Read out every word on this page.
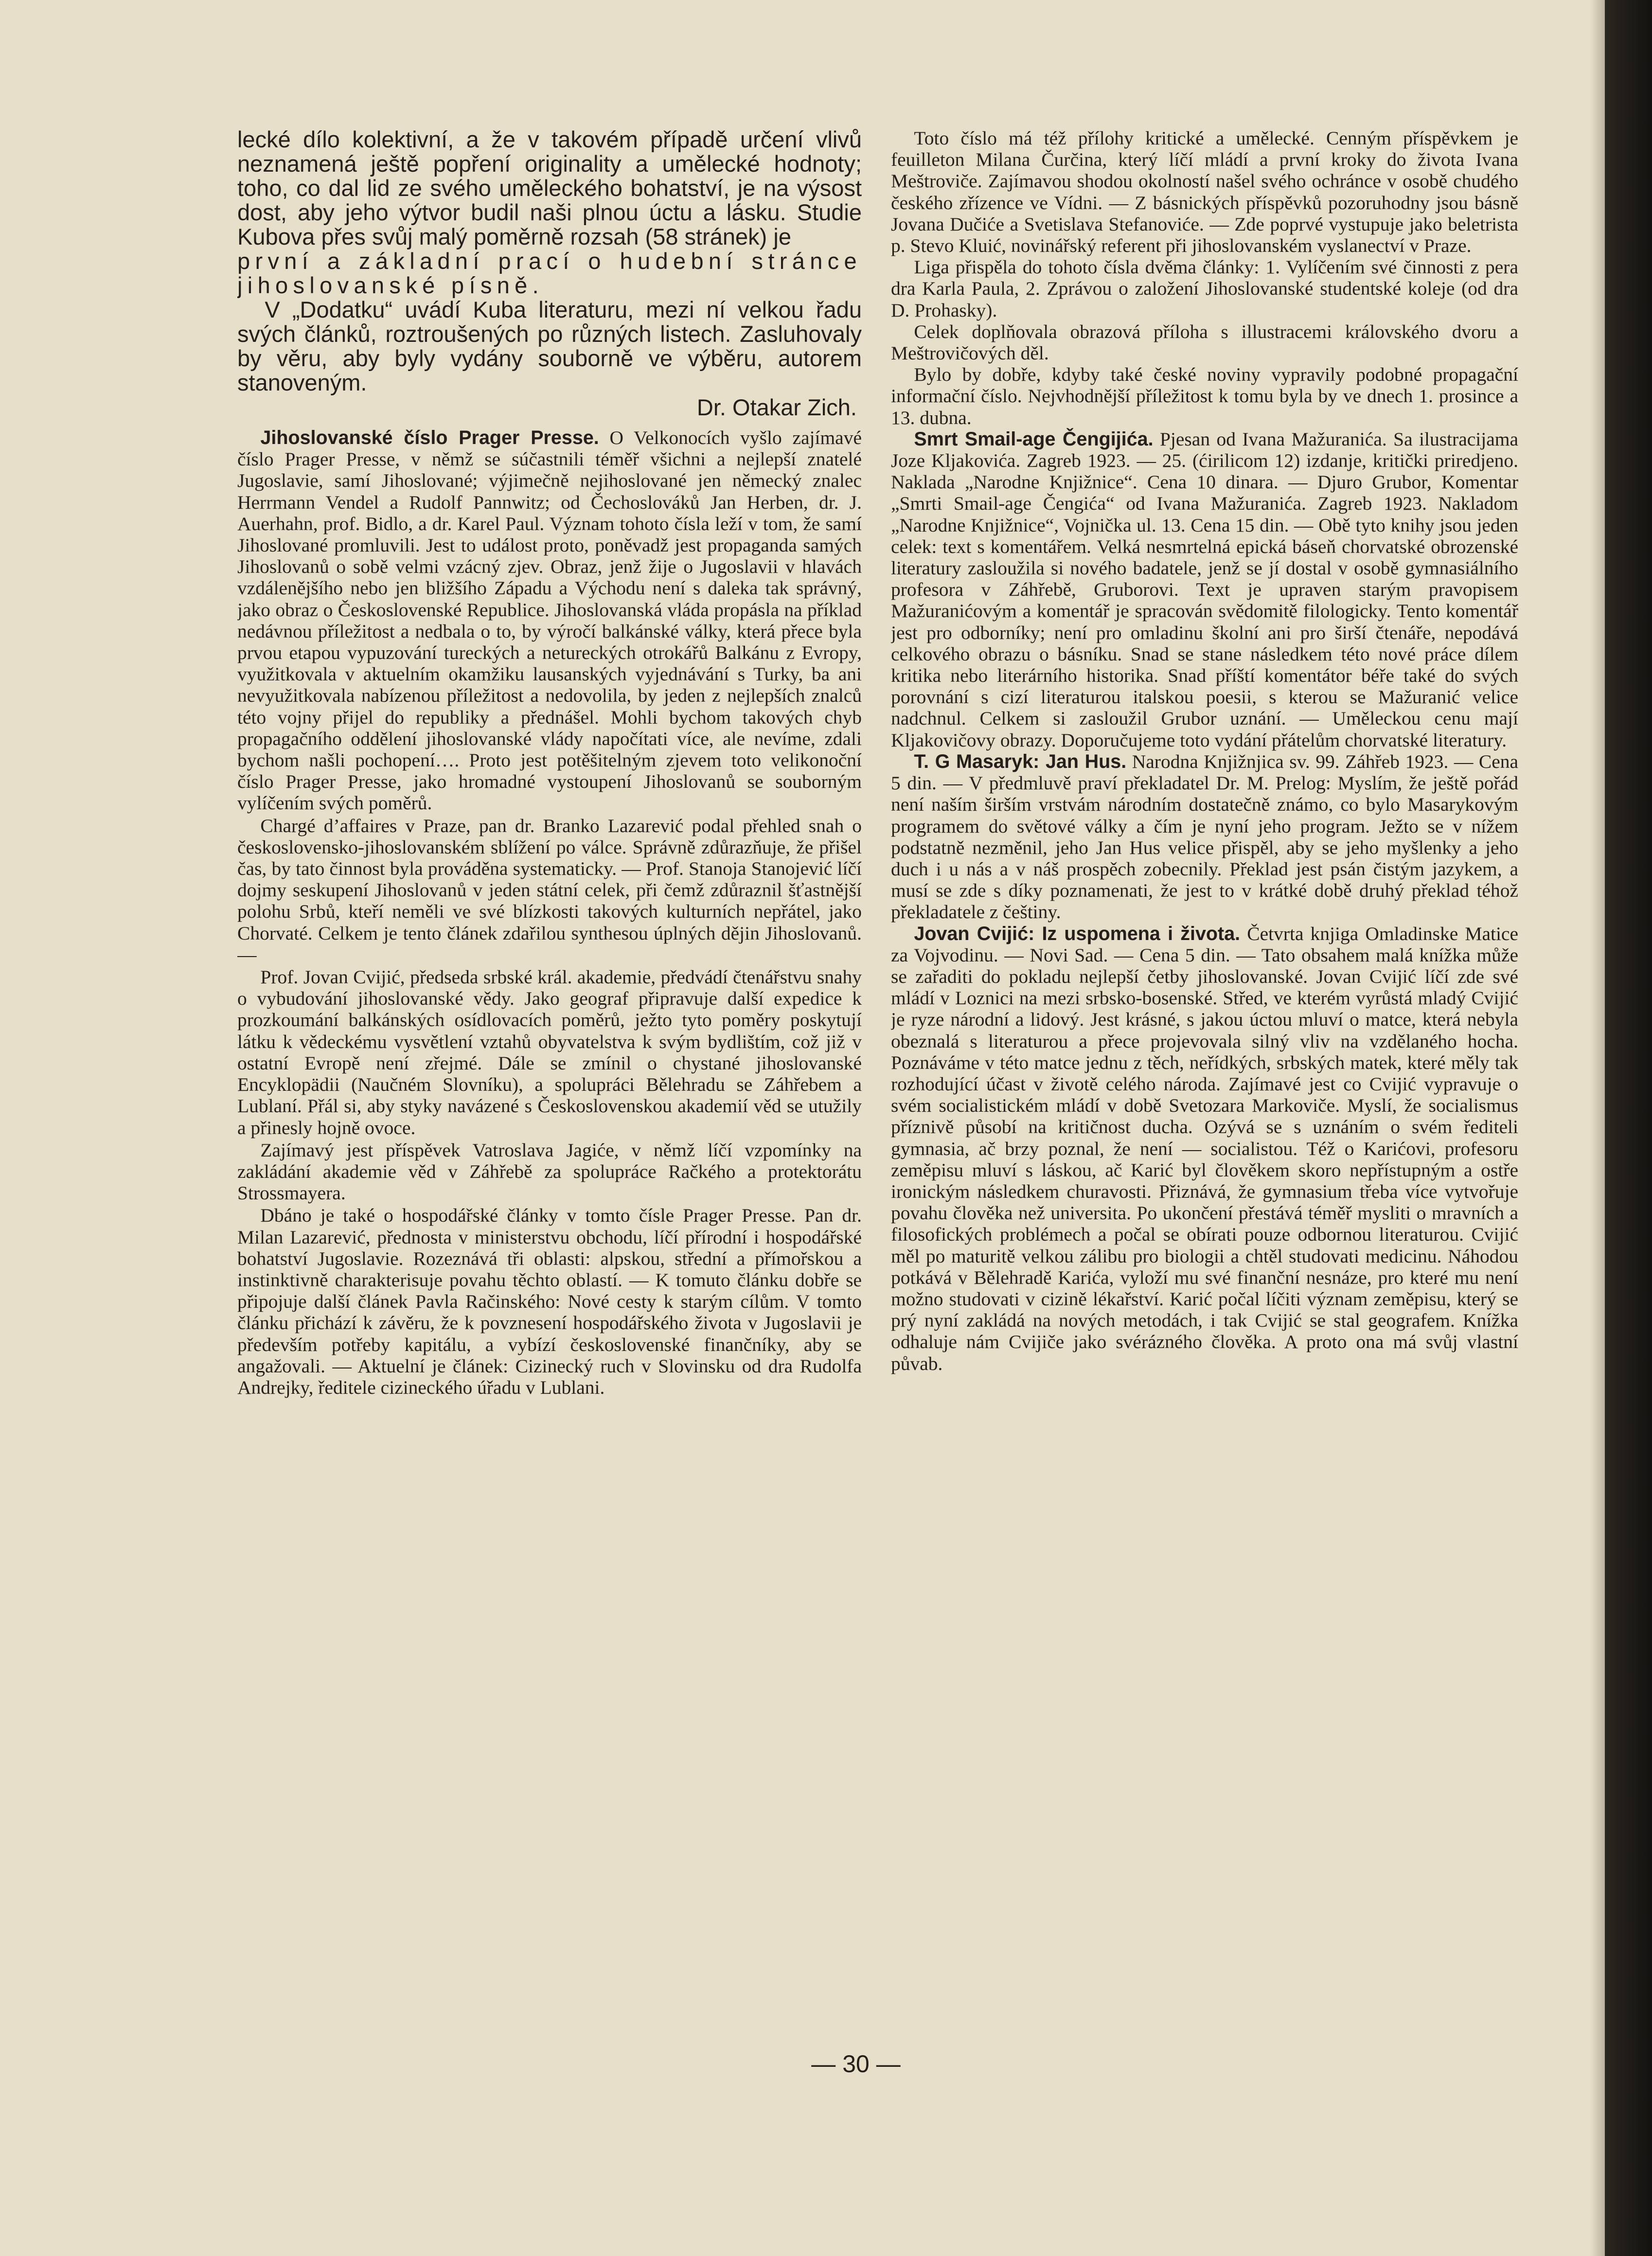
lecké dílo kolektivní, a že v takovém případě určení vlivů neznamená ještě popření originality a umělecké hodnoty; toho, co dal lid ze svého uměleckého bohatství, je na výsost dost, aby jeho výtvor budil naši plnou úctu a lásku. Studie Kubova přes svůj malý poměrně rozsah (58 stránek) je

první a základní prací o hudební stránce jihoslovanské písně.

V „Dodatku“ uvádí Kuba literaturu, mezi ní velkou řadu svých článků, roztroušených po různých listech. Zasluhovaly by věru, aby byly vydány souborně ve výběru, autorem stanoveným.

Dr. Otakar Zich.

Jihoslovanské číslo Prager Presse. O Velkonocích vyšlo zajímavé číslo Prager Presse, v němž se súčastnili téměř všichni a nejlepší znatelé Jugoslavie, samí Jihoslované; výjimečně nejihoslované jen německý znalec Herrmann Vendel a Rudolf Pannwitz; od Čechoslováků Jan Herben, dr. J. Auerhahn, prof. Bidlo, a dr. Karel Paul. Význam tohoto čísla leží v tom, že samí Jihoslované promluvili. Jest to událost proto, poněvadž jest propaganda samých Jihoslovanů o sobě velmi vzácný zjev. Obraz, jenž žije o Jugoslavii v hlavách vzdálenějšího nebo jen bližšího Západu a Východu není s daleka tak správný, jako obraz o Československé Republice. Jihoslovanská vláda propásla na příklad nedávnou příležitost a nedbala o to, by výročí balkánské války, která přece byla prvou etapou vypuzování tureckých a netureckých otrokářů Balkánu z Evropy, využitkovala v aktuelním okamžiku lausanských vyjednávání s Turky, ba ani nevyužitkovala nabízenou příležitost a nedovolila, by jeden z nejlepších znalců této vojny přijel do republiky a přednášel. Mohli bychom takových chyb propagačního oddělení jihoslovanské vlády napočítati více, ale nevíme, zdali bychom našli pochopení…. Proto jest potěšitelným zjevem toto velikonoční číslo Prager Presse, jako hromadné vystoupení Jihoslovanů se souborným vylíčením svých poměrů.

Chargé d’affaires v Praze, pan dr. Branko Lazarević podal přehled snah o československo-jihoslovanském sblížení po válce. Správně zdůrazňuje, že přišel čas, by tato činnost byla prováděna systematicky. — Prof. Stanoja Stanojević líčí dojmy seskupení Jihoslovanů v jeden státní celek, při čemž zdůraznil šťastnější polohu Srbů, kteří neměli ve své blízkosti takových kulturních nepřátel, jako Chorvaté. Celkem je tento článek zdařilou synthesou úplných dějin Jihoslovanů. —

Prof. Jovan Cvijić, předseda srbské král. akademie, předvádí čtenářstvu snahy o vybudování jihoslovanské vědy. Jako geograf připravuje další expedice k prozkoumání balkánských osídlovacích poměrů, ježto tyto poměry poskytují látku k vědeckému vysvětlení vztahů obyvatelstva k svým bydlištím, což již v ostatní Evropě není zřejmé. Dále se zmínil o chystané jihoslovanské Encyklopädii (Naučném Slovníku), a spolupráci Bělehradu se Záhřebem a Lublaní. Přál si, aby styky navázené s Československou akademií věd se utužily a přinesly hojně ovoce.

Zajímavý jest příspěvek Vatroslava Jagiće, v němž líčí vzpomínky na zakládání akademie věd v Záhřebě za spolupráce Račkého a protektorátu Strossmayera.

Dbáno je také o hospodářské články v tomto čísle Prager Presse. Pan dr. Milan Lazarević, přednosta v ministerstvu obchodu, líčí přírodní i hospodářské bohatství Jugoslavie. Rozeznává tři oblasti: alpskou, střední a přímořskou a instinktivně charakterisuje povahu těchto oblastí. — K tomuto článku dobře se připojuje další článek Pavla Račinského: Nové cesty k starým cílům. V tomto článku přichází k závěru, že k povznesení hospodářského života v Jugoslavii je především potřeby kapitálu, a vybízí československé finančníky, aby se angažovali. — Aktuelní je článek: Cizinecký ruch v Slovinsku od dra Rudolfa Andrejky, ředitele cizineckého úřadu v Lublani.

Toto číslo má též přílohy kritické a umělecké. Cenným příspěvkem je feuilleton Milana Čurčina, který líčí mládí a první kroky do života Ivana Meštroviče. Zajímavou shodou okolností našel svého ochránce v osobě chudého českého zřízence ve Vídni. — Z básnických příspěvků pozoruhodny jsou básně Jovana Dučiće a Svetislava Stefanoviće. — Zde poprvé vystupuje jako beletrista p. Stevo Kluić, novinářský referent při jihoslovanském vyslanectví v Praze.

Liga přispěla do tohoto čísla dvěma články: 1. Vylíčením své činnosti z pera dra Karla Paula, 2. Zprávou o založení Jihoslovanské studentské koleje (od dra D. Prohasky).

Celek doplňovala obrazová příloha s illustracemi královského dvoru a Meštrovičových děl.

Bylo by dobře, kdyby také české noviny vypravily podobné propagační informační číslo. Nejvhodnější příležitost k tomu byla by ve dnech 1. prosince a 13. dubna.

Smrt Smail-age Čengijića. Pjesan od Ivana Mažuranića. Sa ilustracijama Joze Kljakovića. Zagreb 1923. — 25. (ćirilicom 12) izdanje, kritički priredjeno. Naklada „Narodne Knjižnice“. Cena 10 dinara. — Djuro Grubor, Komentar „Smrti Smail-age Čengića“ od Ivana Mažuranića. Zagreb 1923. Nakladom „Narodne Knjižnice“, Vojnička ul. 13. Cena 15 din. — Obě tyto knihy jsou jeden celek: text s komentářem. Velká nesmrtelná epická báseň chorvatské obrozenské literatury zasloužila si nového badatele, jenž se jí dostal v osobě gymnasiálního profesora v Záhřebě, Gruborovi. Text je upraven starým pravopisem Mažuranićovým a komentář je spracován svědomitě filologicky. Tento komentář jest pro odborníky; není pro omladinu školní ani pro širší čtenáře, nepodává celkového obrazu o básníku. Snad se stane následkem této nové práce dílem kritika nebo literárního historika. Snad příští komentátor béře také do svých porovnání s cizí literaturou italskou poesii, s kterou se Mažuranić velice nadchnul. Celkem si zasloužil Grubor uznání. — Uměleckou cenu mají Kljakovičovy obrazy. Doporučujeme toto vydání přátelům chorvatské literatury.

T. G Masaryk: Jan Hus. Narodna Knjižnjica sv. 99. Záhřeb 1923. — Cena 5 din. — V předmluvě praví překladatel Dr. M. Prelog: Myslím, že ještě pořád není naším širším vrstvám národním dostatečně známo, co bylo Masarykovým programem do světové války a čím je nyní jeho program. Ježto se v nížem podstatně nezměnil, jeho Jan Hus velice přispěl, aby se jeho myšlenky a jeho duch i u nás a v náš prospěch zobecnily. Překlad jest psán čistým jazykem, a musí se zde s díky poznamenati, že jest to v krátké době druhý překlad téhož překladatele z češtiny.

Jovan Cvijić: Iz uspomena i života. Četvrta knjiga Omladinske Matice za Vojvodinu. — Novi Sad. — Cena 5 din. — Tato obsahem malá knížka může se zařaditi do pokladu nejlepší četby jihoslovanské. Jovan Cvijić líčí zde své mládí v Loznici na mezi srbsko-bosenské. Střed, ve kterém vyrůstá mladý Cvijić je ryze národní a lidový. Jest krásné, s jakou úctou mluví o matce, která nebyla obeznalá s literaturou a přece projevovala silný vliv na vzdělaného hocha. Poznáváme v této matce jednu z těch, neřídkých, srbských matek, které měly tak rozhodující účast v životě celého národa. Zajímavé jest co Cvijić vypravuje o svém socialistickém mládí v době Svetozara Markoviče. Myslí, že socialismus příznivě působí na kritičnost ducha. Ozývá se s uznáním o svém řediteli gymnasia, ač brzy poznal, že není — socialistou. Též o Karićovi, profesoru zeměpisu mluví s láskou, ač Karić byl člověkem skoro nepřístupným a ostře ironickým následkem churavosti. Přiznává, že gymnasium třeba více vytvořuje povahu člověka než universita. Po ukončení přestává téměř mysliti o mravních a filosofických problémech a počal se obírati pouze odbornou literaturou. Cvijić měl po maturitě velkou zálibu pro biologii a chtěl studovati medicinu. Náhodou potkává v Bělehradě Karića, vyloží mu své finanční nesnáze, pro které mu není možno studovati v cizině lékařství. Karić počal líčiti význam zeměpisu, který se prý nyní zakládá na nových metodách, i tak Cvijić se stal geografem. Knížka odhaluje nám Cvijiče jako svérázného člověka. A proto ona má svůj vlastní půvab.

— 30 —
